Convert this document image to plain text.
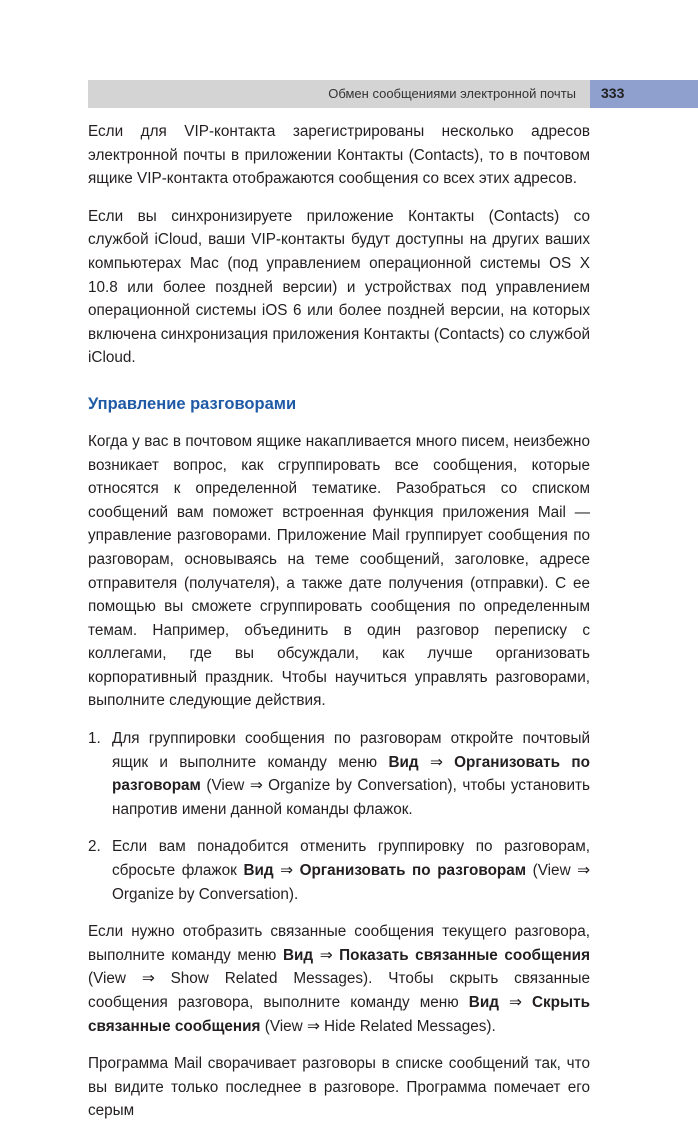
Обмен сообщениями электронной почты 333

Если для VIP-контакта зарегистрированы несколько адресов электронной почты в приложении Контакты (Contacts), то в почтовом ящике VIP-контакта отображаются сообщения со всех этих адресов.

Если вы синхронизируете приложение Контакты (Contacts) со службой iCloud, ваши VIP-контакты будут доступны на других ваших компьютерах Mac (под управлением операционной системы OS X 10.8 или более поздней версии) и устройствах под управлением операционной системы iOS 6 или более поздней версии, на которых включена синхронизация приложения Контакты (Contacts) со службой iCloud.

Управление разговорами

Когда у вас в почтовом ящике накапливается много писем, неизбежно возникает вопрос, как сгруппировать все сообщения, которые относятся к определенной тематике. Разобраться со списком сообщений вам поможет встроенная функция приложения Mail — управление разговорами. Приложение Mail группирует сообщения по разговорам, основываясь на теме сообщений, заголовке, адресе отправителя (получателя), а также дате получения (отправки). С ее помощью вы сможете сгруппировать сообщения по определенным темам. Например, объединить в один разговор переписку с коллегами, где вы обсуждали, как лучше организовать корпоративный праздник. Чтобы научиться управлять разговорами, выполните следующие действия.

1. Для группировки сообщения по разговорам откройте почтовый ящик и выполните команду меню Вид ⇒ Организовать по разговорам (View ⇒ Organize by Conversation), чтобы установить напротив имени данной команды флажок.

2. Если вам понадобится отменить группировку по разговорам, сбросьте флажок Вид ⇒ Организовать по разговорам (View ⇒ Organize by Conversation).

Если нужно отобразить связанные сообщения текущего разговора, выполните команду меню Вид ⇒ Показать связанные сообщения (View ⇒ Show Related Messages). Чтобы скрыть связанные сообщения разговора, выполните команду меню Вид ⇒ Скрыть связанные сообщения (View ⇒ Hide Related Messages).

Программа Mail сворачивает разговоры в списке сообщений так, что вы видите только последнее в разговоре. Программа помечает его серым
